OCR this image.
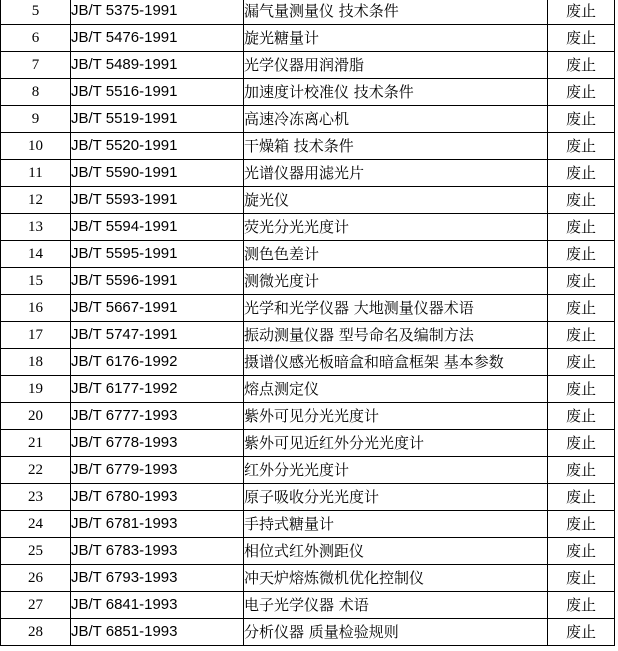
5	JB/T 5375-1991	漏气量测量仪 技术条件	废止
6	JB/T 5476-1991	旋光糖量计	废止
7	JB/T 5489-1991	光学仪器用润滑脂	废止
8	JB/T 5516-1991	加速度计校准仪 技术条件	废止
9	JB/T 5519-1991	高速冷冻离心机	废止
10	JB/T 5520-1991	干燥箱 技术条件	废止
11	JB/T 5590-1991	光谱仪器用滤光片	废止
12	JB/T 5593-1991	旋光仪	废止
13	JB/T 5594-1991	荧光分光光度计	废止
14	JB/T 5595-1991	测色色差计	废止
15	JB/T 5596-1991	测微光度计	废止
16	JB/T 5667-1991	光学和光学仪器 大地测量仪器术语	废止
17	JB/T 5747-1991	振动测量仪器 型号命名及编制方法	废止
18	JB/T 6176-1992	摄谱仪感光板暗盒和暗盒框架 基本参数	废止
19	JB/T 6177-1992	熔点测定仪	废止
20	JB/T 6777-1993	紫外可见分光光度计	废止
21	JB/T 6778-1993	紫外可见近红外分光光度计	废止
22	JB/T 6779-1993	红外分光光度计	废止
23	JB/T 6780-1993	原子吸收分光光度计	废止
24	JB/T 6781-1993	手持式糖量计	废止
25	JB/T 6783-1993	相位式红外测距仪	废止
26	JB/T 6793-1993	冲天炉熔炼微机优化控制仪	废止
27	JB/T 6841-1993	电子光学仪器 术语	废止
28	JB/T 6851-1993	分析仪器 质量检验规则	废止
